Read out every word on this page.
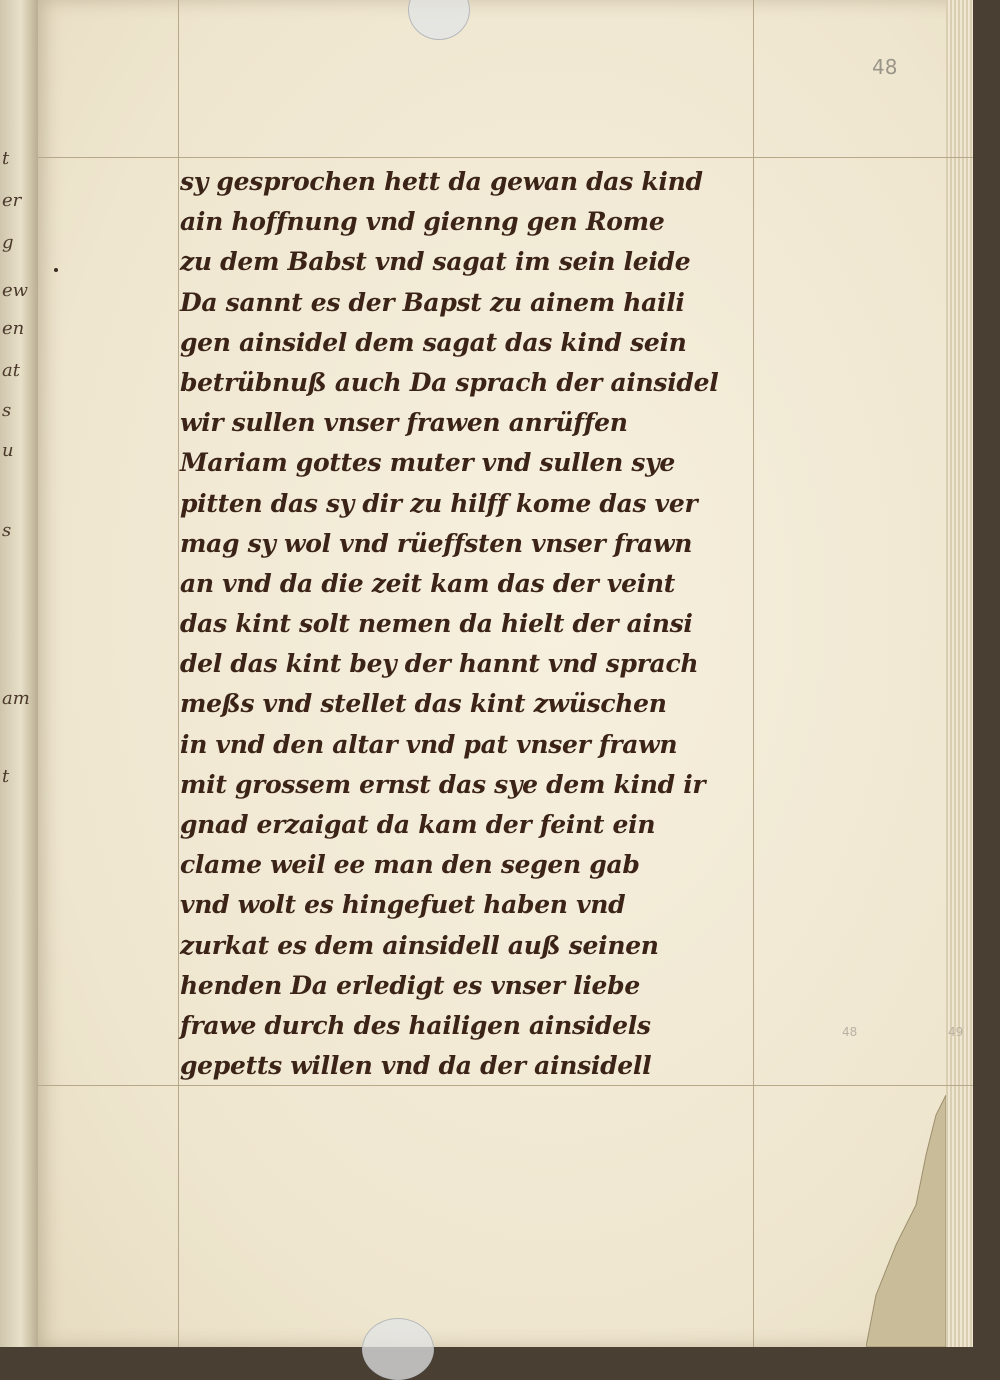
t
er
g
ew
en
at
s
u
s
am
t
48
48	49
sy gesprochen hett da gewan das kind
ain hoffnung vnd gienng gen Rome
zu dem Babst vnd sagat im sein leide
Da sannt es der Bapst zu ainem haili
gen ainsidel dem sagat das kind sein
betrübnuß auch Da sprach der ainsidel
wir sullen vnser frawen anrüffen
Mariam gottes muter vnd sullen sye
pitten das sy dir zu hilff kome das ver
mag sy wol vnd rüeffsten vnser frawn
an vnd da die zeit kam das der veint
das kint solt nemen da hielt der ainsi
del das kint bey der hannt vnd sprach
meßs vnd stellet das kint zwüschen
in vnd den altar vnd pat vnser frawn
mit grossem ernst das sye dem kind ir
gnad erzaigat da kam der feint ein
clame weil ee man den segen gab
vnd wolt es hingefuet haben vnd
zurkat es dem ainsidell auß seinen
henden Da erledigt es vnser liebe
frawe durch des hailigen ainsidels
gepetts willen vnd da der ainsidell
